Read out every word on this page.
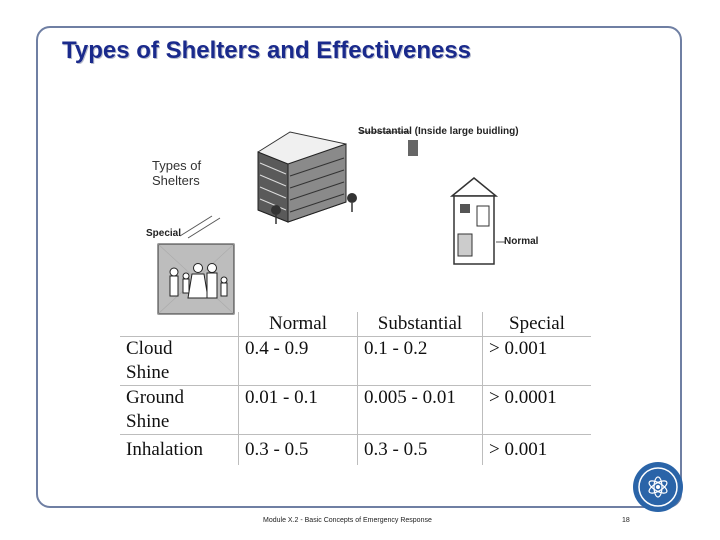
Types of Shelters and Effectiveness
Types of Shelters
Substantial (Inside large buidling)
Special
Normal
	Normal	Substantial	Special

Cloud
Shine	0.4 - 0.9	0.1 - 0.2	> 0.001

Ground
Shine	0.01 - 0.1	0.005 - 0.01	> 0.0001

Inhalation	0.3 - 0.5	0.3 - 0.5	> 0.001
Module X.2 - Basic Concepts of Emergency Response	18
